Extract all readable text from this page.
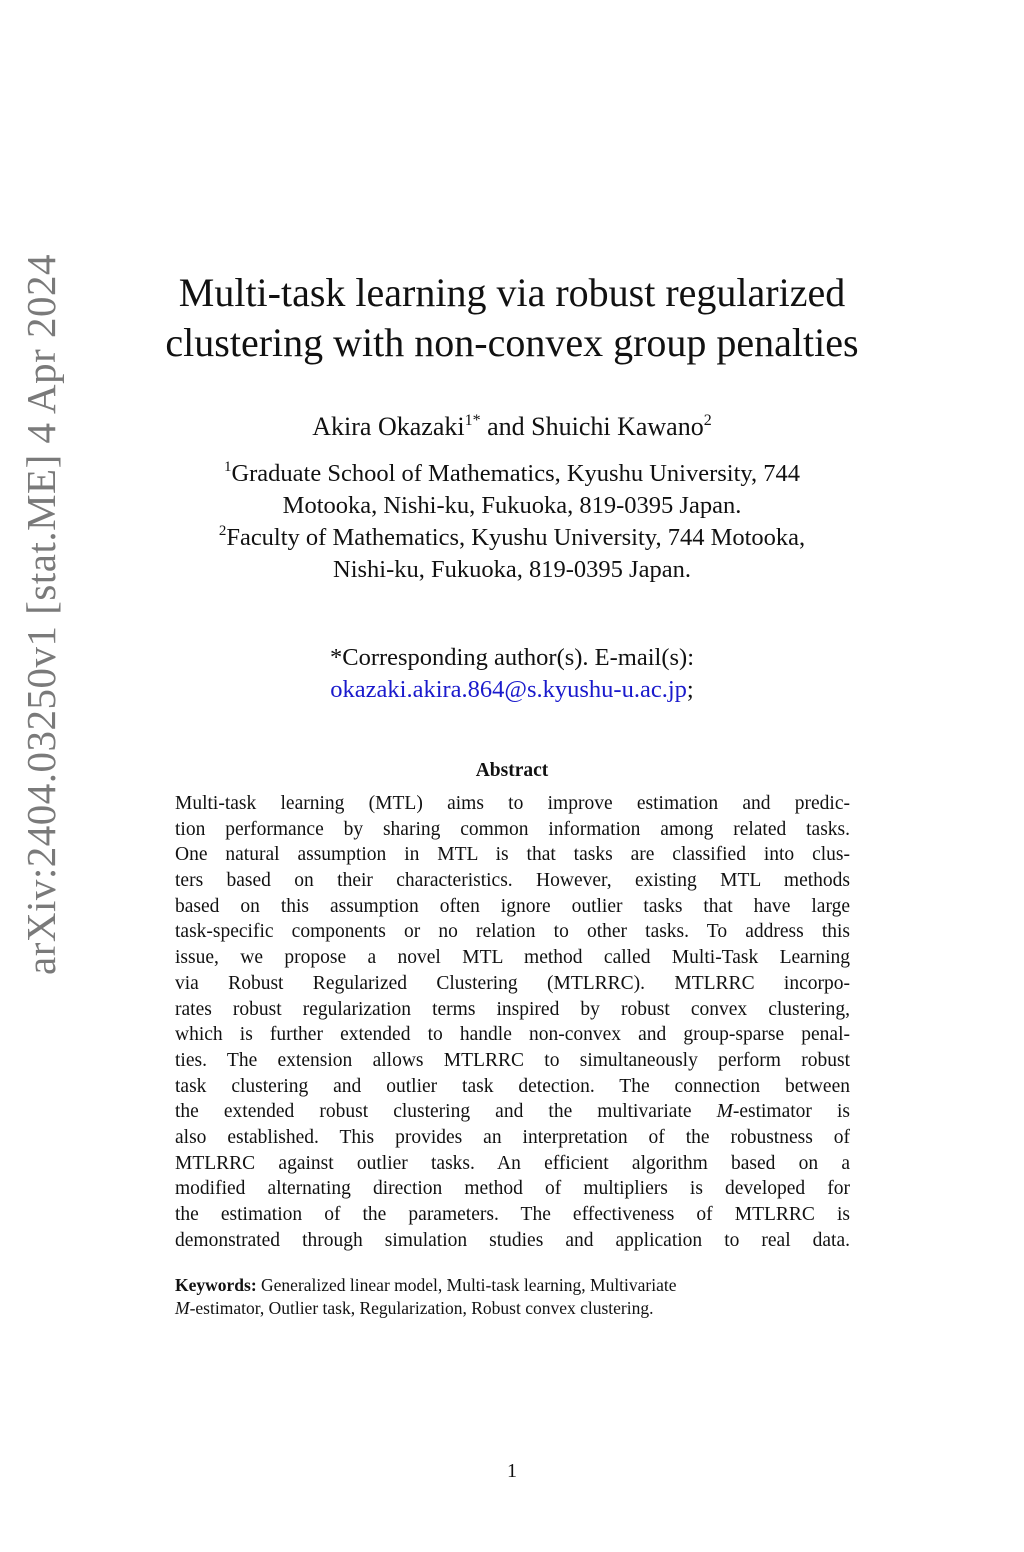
arXiv:2404.03250v1 [stat.ME] 4 Apr 2024	Multi-task learning via robust regularized
clustering with non-convex group penalties
Akira Okazaki$^{1*}$ and Shuichi Kawano$^2$
$^1$Graduate School of Mathematics, Kyushu University, 744
Motooka, Nishi-ku, Fukuoka, 819-0395 Japan.
$^2$Faculty of Mathematics, Kyushu University, 744 Motooka,
Nishi-ku, Fukuoka, 819-0395 Japan.
*Corresponding author(s). E-mail(s):
okazaki.akira.864@s.kyushu-u.ac.jp;
Abstract
Multi-task learning (MTL) aims to improve estimation and predic-
tion performance by sharing common information among related tasks.
One natural assumption in MTL is that tasks are classified into clus-
ters based on their characteristics. However, existing MTL methods
based on this assumption often ignore outlier tasks that have large
task-specific components or no relation to other tasks. To address this
issue, we propose a novel MTL method called Multi-Task Learning
via Robust Regularized Clustering (MTLRRC). MTLRRC incorpo-
rates robust regularization terms inspired by robust convex clustering,
which is further extended to handle non-convex and group-sparse penal-
ties. The extension allows MTLRRC to simultaneously perform robust
task clustering and outlier task detection. The connection between
the extended robust clustering and the multivariate M-estimator is
also established. This provides an interpretation of the robustness of
MTLRRC against outlier tasks. An efficient algorithm based on a
modified alternating direction method of multipliers is developed for
the estimation of the parameters. The effectiveness of MTLRRC is
demonstrated through simulation studies and application to real data.
Keywords: Generalized linear model, Multi-task learning, Multivariate
M-estimator, Outlier task, Regularization, Robust convex clustering.
1
